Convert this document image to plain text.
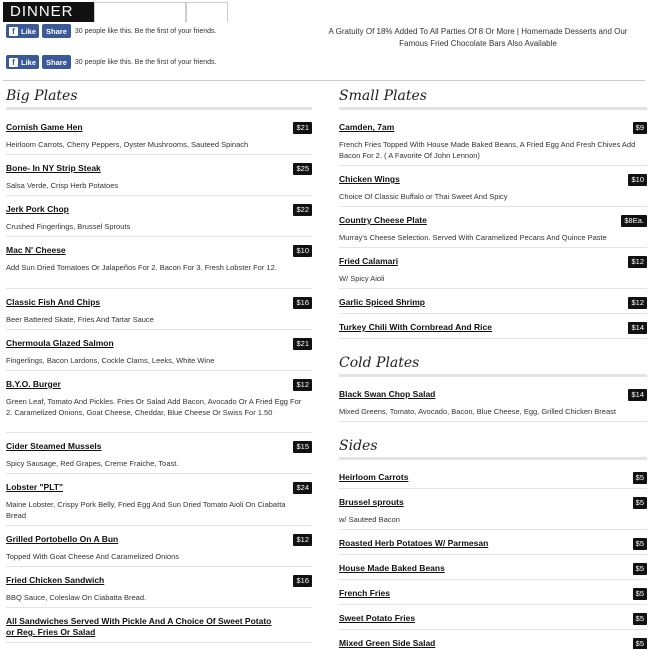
DINNER
f Like	Share	30 people like this. Be the first of your friends.
f Like	Share	30 people like this. Be the first of your friends.
A Gratuity Of 18% Added To All Parties Of 8 Or More | Homemade Desserts and Our Famous Fried Chocolate Bars Also Available
Big Plates
Cornish Game Hen	$21
Heirloom Carrots, Cherry Peppers, Oyster Mushrooms, Sauteed Spinach
Bone- In NY Strip Steak	$25
Salsa Verde, Crisp Herb Potatoes
Jerk Pork Chop	$22
Crushed Fingerlings, Brussel Sprouts
Mac N' Cheese	$10
Add Sun Dried Tomatoes Or Jalapeños For 2. Bacon For 3. Fresh Lobster For 12.
Classic Fish And Chips	$16
Beer Battered Skate, Fries And Tartar Sauce
Chermoula Glazed Salmon	$21
Fingerlings, Bacon Lardons, Cockle Clams, Leeks, White Wine
B.Y.O. Burger	$12
Green Leaf, Tomato And Pickles. Fries Or Salad Add Bacon, Avocado Or A Fried Egg For 2. Caramelized Onions, Goat Cheese, Cheddar, Blue Cheese Or Swiss For 1.50
Cider Steamed Mussels	$15
Spicy Sausage, Red Grapes, Creme Fraiche, Toast.
Lobster "PLT"	$24
Maine Lobster, Crispy Pork Belly, Fried Egg And Sun Dried Tomato Aioli On Ciabatta Bread
Grilled Portobello On A Bun	$12
Topped With Goat Cheese And Caramelized Onions
Fried Chicken Sandwich	$16
BBQ Sauce, Coleslaw On Ciabatta Bread.
All Sandwiches Served With Pickle And A Choice Of Sweet Potato or Reg. Fries Or Salad
Small Plates
Camden, 7am	$9
French Fries Topped With House Made Baked Beans, A Fried Egg And Fresh Chives Add Bacon For 2. ( A Favorite Of John Lennon)
Chicken Wings	$10
Choice Of Classic Buffalo or Thai Sweet And Spicy
Country Cheese Plate	$8Ea.
Murray's Cheese Selection. Served With Caramelized Pecans And Quince Paste
Fried Calamari	$12
W/ Spicy Aioli
Garlic Spiced Shrimp	$12
Turkey Chili With Cornbread And Rice	$14
Cold Plates
Black Swan Chop Salad	$14
Mixed Greens, Tomato, Avocado, Bacon, Blue Cheese, Egg, Grilled Chicken Breast
Sides
Heirloom Carrots	$5
Brussel sprouts	$5
w/ Sauteed Bacon
Roasted Herb Potatoes W/ Parmesan	$5
House Made Baked Beans	$5
French Fries	$5
Sweet Potato Fries	$5
Mixed Green Side Salad	$5
